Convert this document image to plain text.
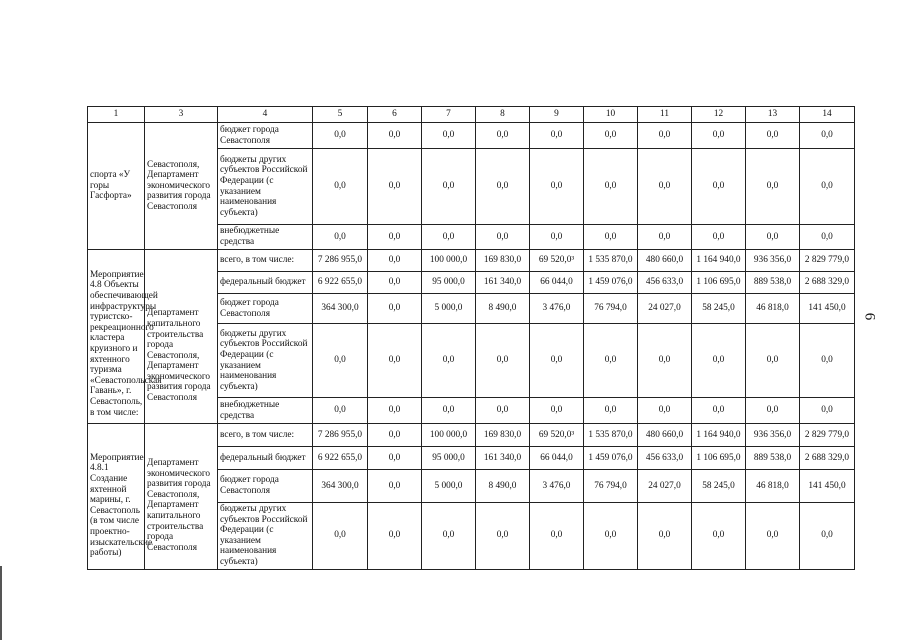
6
1	3	4	5	6	7	8	9	10	11	12	13	14
спорта «У горы Гасфорта»	Севастополя, Департамент экономического развития города Севастополя	бюджет города Севастополя	0,0	0,0	0,0	0,0	0,0	0,0	0,0	0,0	0,0	0,0
		бюджеты других субъектов Российской Федерации (с указанием наименования субъекта)	0,0	0,0	0,0	0,0	0,0	0,0	0,0	0,0	0,0	0,0
		внебюджетные средства	0,0	0,0	0,0	0,0	0,0	0,0	0,0	0,0	0,0	0,0
Мероприятие 4.8 Объекты обеспечивающей инфраструктуры туристско-рекреационного кластера круизного и яхтенного туризма «Севастопольская Гавань», г. Севастополь, в том числе:	Департамент капитального строительства города Севастополя, Департамент экономического развития города Севастополя	всего, в том числе:	7 286 955,0	0,0	100 000,0	169 830,0	69 520,0³	1 535 870,0	480 660,0	1 164 940,0	936 356,0	2 829 779,0
		федеральный бюджет	6 922 655,0	0,0	95 000,0	161 340,0	66 044,0	1 459 076,0	456 633,0	1 106 695,0	889 538,0	2 688 329,0
		бюджет города Севастополя	364 300,0	0,0	5 000,0	8 490,0	3 476,0	76 794,0	24 027,0	58 245,0	46 818,0	141 450,0
		бюджеты других субъектов Российской Федерации (с указанием наименования субъекта)	0,0	0,0	0,0	0,0	0,0	0,0	0,0	0,0	0,0	0,0
		внебюджетные средства	0,0	0,0	0,0	0,0	0,0	0,0	0,0	0,0	0,0	0,0
Мероприятие 4.8.1 Создание яхтенной марины, г. Севастополь (в том числе проектно-изыскательские работы)	Департамент экономического развития города Севастополя, Департамент капитального строительства города Севастополя	всего, в том числе:	7 286 955,0	0,0	100 000,0	169 830,0	69 520,0³	1 535 870,0	480 660,0	1 164 940,0	936 356,0	2 829 779,0
		федеральный бюджет	6 922 655,0	0,0	95 000,0	161 340,0	66 044,0	1 459 076,0	456 633,0	1 106 695,0	889 538,0	2 688 329,0
		бюджет города Севастополя	364 300,0	0,0	5 000,0	8 490,0	3 476,0	76 794,0	24 027,0	58 245,0	46 818,0	141 450,0
		бюджеты других субъектов Российской Федерации (с указанием наименования субъекта)	0,0	0,0	0,0	0,0	0,0	0,0	0,0	0,0	0,0	0,0
